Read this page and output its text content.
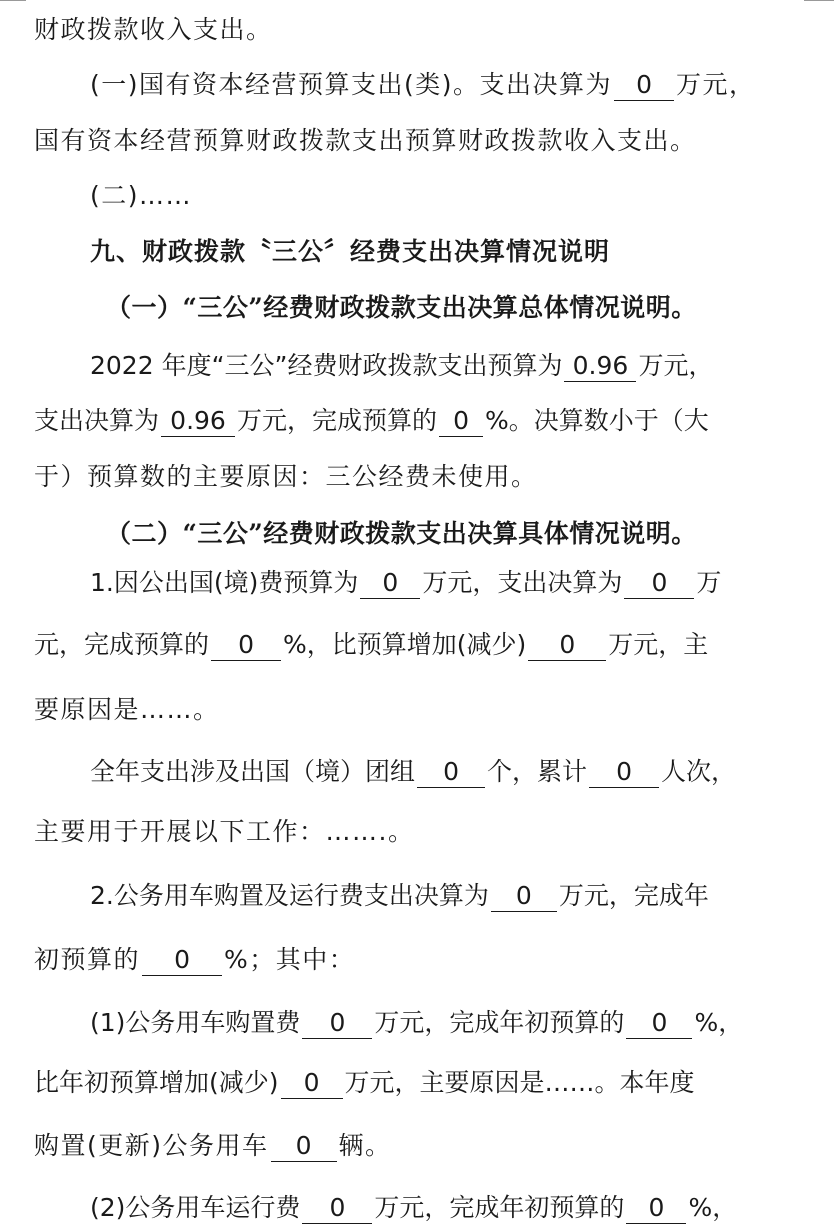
财政拨款收入支出。
(一)国有资本经营预算支出(类)。支出决算为 0 万元，
国有资本经营预算财政拨款支出预算财政拨款收入支出。
(二)……
九、财政拨款〝三公〞经费支出决算情况说明
（一）“三公”经费财政拨款支出决算总体情况说明。
2022 年度“三公”经费财政拨款支出预算为 0.96 万元，
支出决算为 0.96 万元，完成预算的 0 %。决算数小于（大
于）预算数的主要原因：三公经费未使用。
（二）“三公”经费财政拨款支出决算具体情况说明。
1.因公出国(境)费预算为 0 万元，支出决算为 0 万
元，完成预算的 0 %，比预算增加(减少) 0 万元，主
要原因是……。
全年支出涉及出国（境）团组 0 个，累计 0 人次，
主要用于开展以下工作：…….。
2.公务用车购置及运行费支出决算为 0 万元，完成年
初预算的 0 %；其中：
(1)公务用车购置费 0 万元，完成年初预算的 0 %，
比年初预算增加(减少) 0 万元，主要原因是……。本年度
购置(更新)公务用车 0 辆。
(2)公务用车运行费 0 万元，完成年初预算的 0 %，
